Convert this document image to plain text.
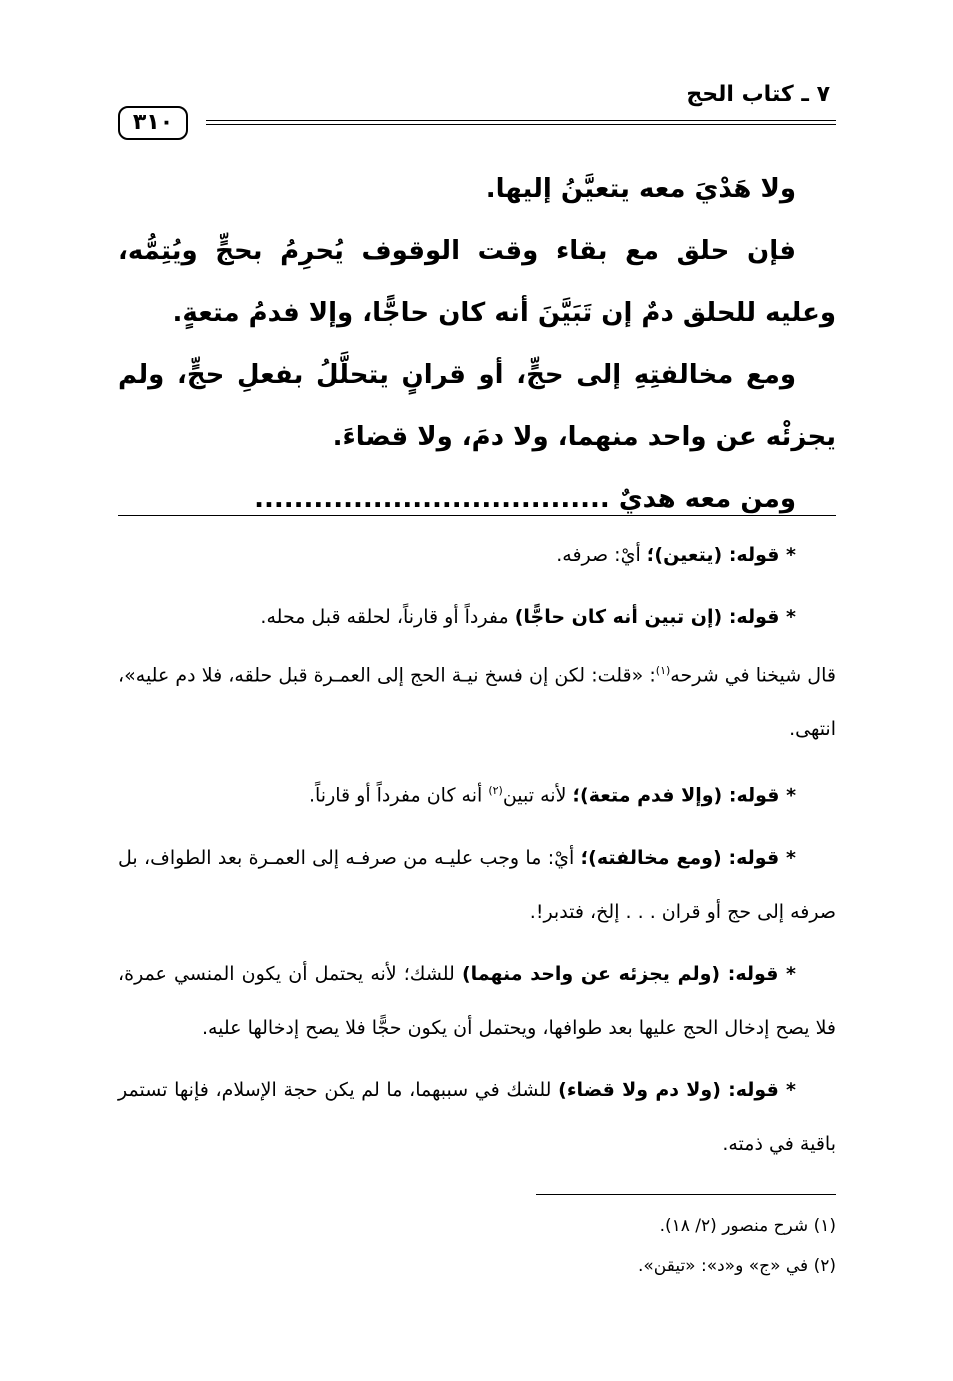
٧ ـ كتاب الحج
٣١٠

ولا هَدْيَ معه يتعيَّنُ إليها.

فإن حلق مع بقاء وقت الوقوف يُحرِمُ بحجٍّ ويُتِمُّه، وعليه للحلق دمٌ إن تَبَيَّنَ أنه كان حاجًّا، وإلا فدمُ متعةٍ.

ومع مخالفتِهِ إلى حجٍّ، أو قرانٍ يتحلَّلُ بفعلِ حجٍّ، ولم يجزئْه عن واحد منهما، ولا دمَ، ولا قضاءَ.

ومن معه هديٌ ....................................

* قوله: (يتعين)؛ أيْ: صرفه.

* قوله: (إن تبين أنه كان حاجًّا) مفرداً أو قارناً، لحلقه قبل محله.

قال شيخنا في شرحه$^{(١)}$: «قلت: لكن إن فسخ نيـة الحج إلى العمـرة قبل حلقه، فلا دم عليه»، انتهى.

* قوله: (وإلا فدم متعة)؛ لأنه تبين$^{(٢)}$ أنه كان مفرداً أو قارناً.

* قوله: (ومع مخالفته)؛ أيْ: ما وجب عليـه من صرفـه إلى العمـرة بعد الطواف، بل صرفه إلى حج أو قران . . . إلخ، فتدبر!.

* قوله: (ولم يجزئه عن واحد منهما) للشك؛ لأنه يحتمل أن يكون المنسي عمرة، فلا يصح إدخال الحج عليها بعد طوافها، ويحتمل أن يكون حجًّا فلا يصح إدخالها عليه.

* قوله: (ولا دم ولا قضاء) للشك في سببهما، ما لم يكن حجة الإسلام، فإنها تستمر باقية في ذمته.

(١) شرح منصور (٢/ ١٨).

(٢) في «ج» و«د»: «تيقن».
